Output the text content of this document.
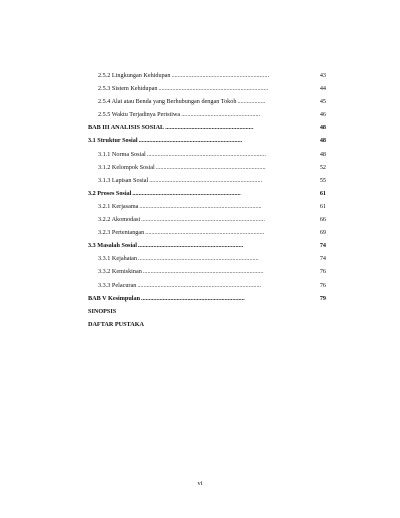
2.5.2 Lingkungan Kehidupan ...............................................................	43
2.5.3 Sistem Kehidupan .......................................................................	44
2.5.4 Alat atau Benda yang Berhubungan dengan Tokoh ..................	45
2.5.5 Waktu Terjadinya Peristiwa ...................................................	46
BAB III ANALISIS SOSIAL .........................................................	48
3.1 Struktur Sosial ...................................................................	48
3.1.1 Norma Sosial .............................................................................	48
3.1.2 Kelompok Sosial .......................................................................	52
3.1.3 Lapisan Sosial .........................................................................	55
3.2 Proses Sosial ......................................................................	61
3.2.1 Kerjasama ...............................................................................	61
3.2.2 Akomodasi ................................................................................	66
3.2.3 Pertentangan .............................................................................	69
3.3 Masalah Sosial ....................................................................	74
3.3.1 Kejahatan ..............................................................................	74
3.3.2 Kemiskinan ..............................................................................	76
3.3.3 Pelacuran ................................................................................	76
BAB V Kesimpulan ...................................................................	79
SINOPSIS
DAFTAR PUSTAKA
vi
